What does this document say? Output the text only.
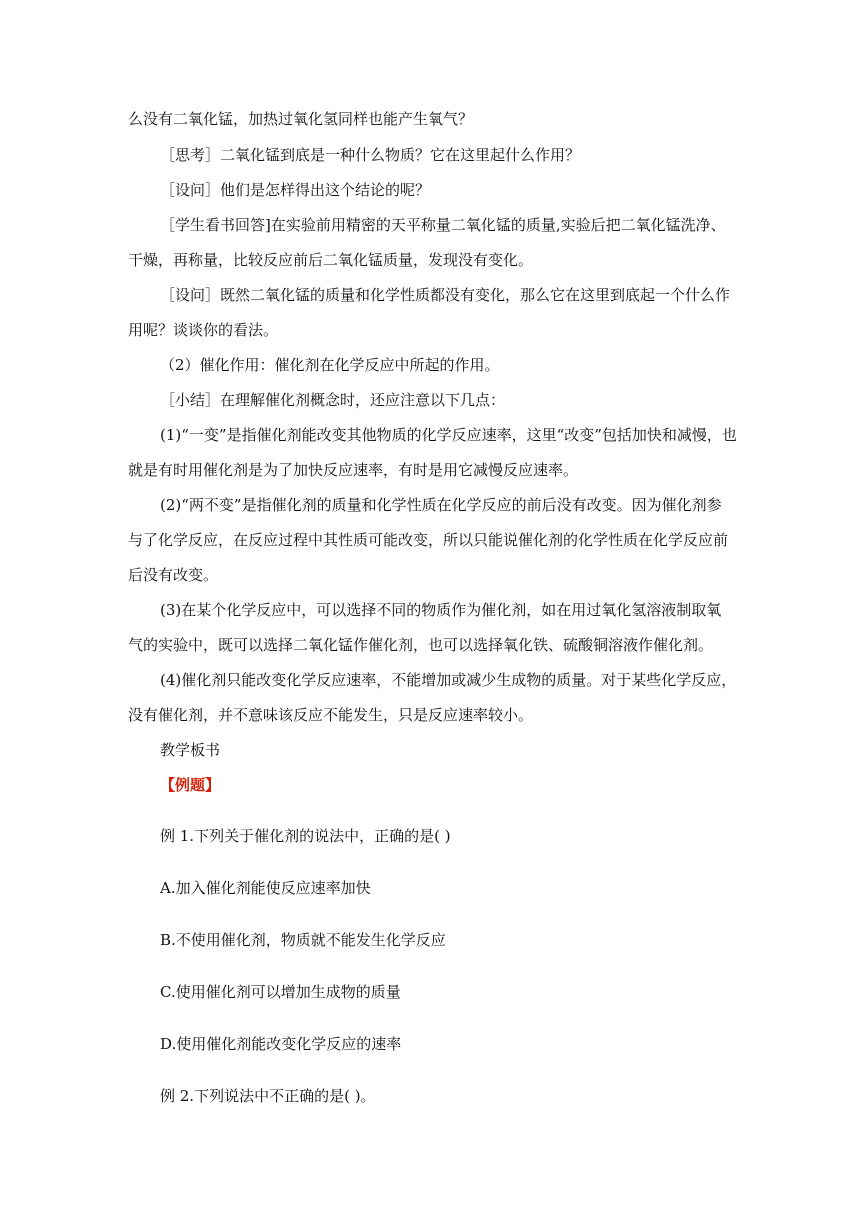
么没有二氧化锰，加热过氧化氢同样也能产生氧气？
［思考］二氧化锰到底是一种什么物质？它在这里起什么作用？
［设问］他们是怎样得出这个结论的呢？
［学生看书回答]在实验前用精密的天平称量二氧化锰的质量,实验后把二氧化锰洗净、
干燥，再称量，比较反应前后二氧化锰质量，发现没有变化。
［设问］既然二氧化锰的质量和化学性质都没有变化，那么它在这里到底起一个什么作
用呢？谈谈你的看法。
（2）催化作用：催化剂在化学反应中所起的作用。
［小结］在理解催化剂概念时，还应注意以下几点：
(1)“一变”是指催化剂能改变其他物质的化学反应速率，这里“改变”包括加快和减慢，也
就是有时用催化剂是为了加快反应速率，有时是用它减慢反应速率。
(2)“两不变”是指催化剂的质量和化学性质在化学反应的前后没有改变。因为催化剂参
与了化学反应，在反应过程中其性质可能改变，所以只能说催化剂的化学性质在化学反应前
后没有改变。
(3)在某个化学反应中，可以选择不同的物质作为催化剂，如在用过氧化氢溶液制取氧
气的实验中，既可以选择二氧化锰作催化剂，也可以选择氧化铁、硫酸铜溶液作催化剂。
(4)催化剂只能改变化学反应速率，不能增加或减少生成物的质量。对于某些化学反应，
没有催化剂，并不意味该反应不能发生，只是反应速率较小。
教学板书
【例题】
例 1.下列关于催化剂的说法中，正确的是( )
A.加入催化剂能使反应速率加快
B.不使用催化剂，物质就不能发生化学反应
C.使用催化剂可以增加生成物的质量
D.使用催化剂能改变化学反应的速率
例 2.下列说法中不正确的是( )。
